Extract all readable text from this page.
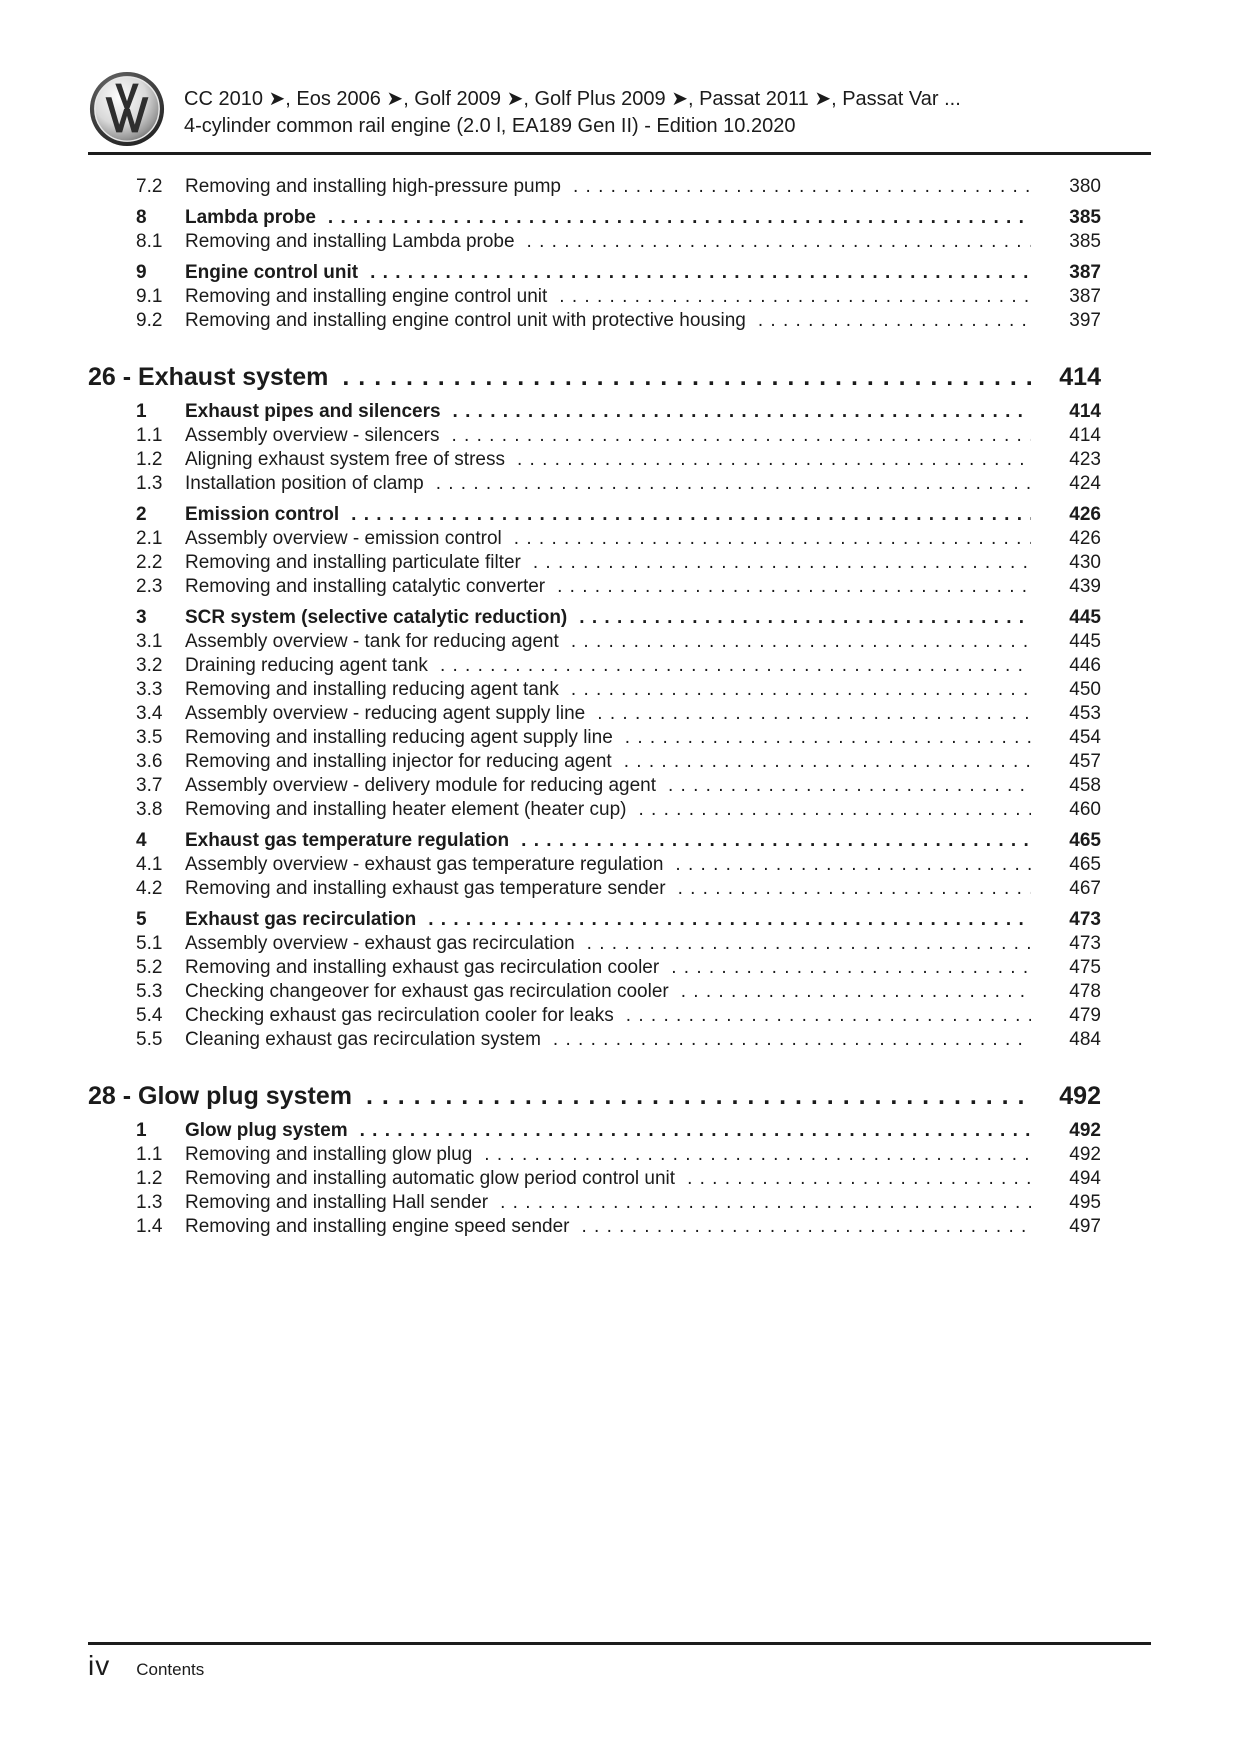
CC 2010 ➤, Eos 2006 ➤, Golf 2009 ➤, Golf Plus 2009 ➤, Passat 2011 ➤, Passat Var ...
4-cylinder common rail engine (2.0 l, EA189 Gen II) - Edition 10.2020
7.2	Removing and installing high-pressure pump . . .	380
8	Lambda probe . . .	385
8.1	Removing and installing Lambda probe . . .	385
9	Engine control unit . . .	387
9.1	Removing and installing engine control unit . . .	387
9.2	Removing and installing engine control unit with protective housing . . .	397
26 - Exhaust system . . .	414
1	Exhaust pipes and silencers . . .	414
1.1	Assembly overview - silencers . . .	414
1.2	Aligning exhaust system free of stress . . .	423
1.3	Installation position of clamp . . .	424
2	Emission control . . .	426
2.1	Assembly overview - emission control . . .	426
2.2	Removing and installing particulate filter . . .	430
2.3	Removing and installing catalytic converter . . .	439
3	SCR system (selective catalytic reduction) . . .	445
3.1	Assembly overview - tank for reducing agent . . .	445
3.2	Draining reducing agent tank . . .	446
3.3	Removing and installing reducing agent tank . . .	450
3.4	Assembly overview - reducing agent supply line . . .	453
3.5	Removing and installing reducing agent supply line . . .	454
3.6	Removing and installing injector for reducing agent . . .	457
3.7	Assembly overview - delivery module for reducing agent . . .	458
3.8	Removing and installing heater element (heater cup) . . .	460
4	Exhaust gas temperature regulation . . .	465
4.1	Assembly overview - exhaust gas temperature regulation . . .	465
4.2	Removing and installing exhaust gas temperature sender . . .	467
5	Exhaust gas recirculation . . .	473
5.1	Assembly overview - exhaust gas recirculation . . .	473
5.2	Removing and installing exhaust gas recirculation cooler . . .	475
5.3	Checking changeover for exhaust gas recirculation cooler . . .	478
5.4	Checking exhaust gas recirculation cooler for leaks . . .	479
5.5	Cleaning exhaust gas recirculation system . . .	484
28 - Glow plug system . . .	492
1	Glow plug system . . .	492
1.1	Removing and installing glow plug . . .	492
1.2	Removing and installing automatic glow period control unit . . .	494
1.3	Removing and installing Hall sender . . .	495
1.4	Removing and installing engine speed sender . . .	497
iv Contents
